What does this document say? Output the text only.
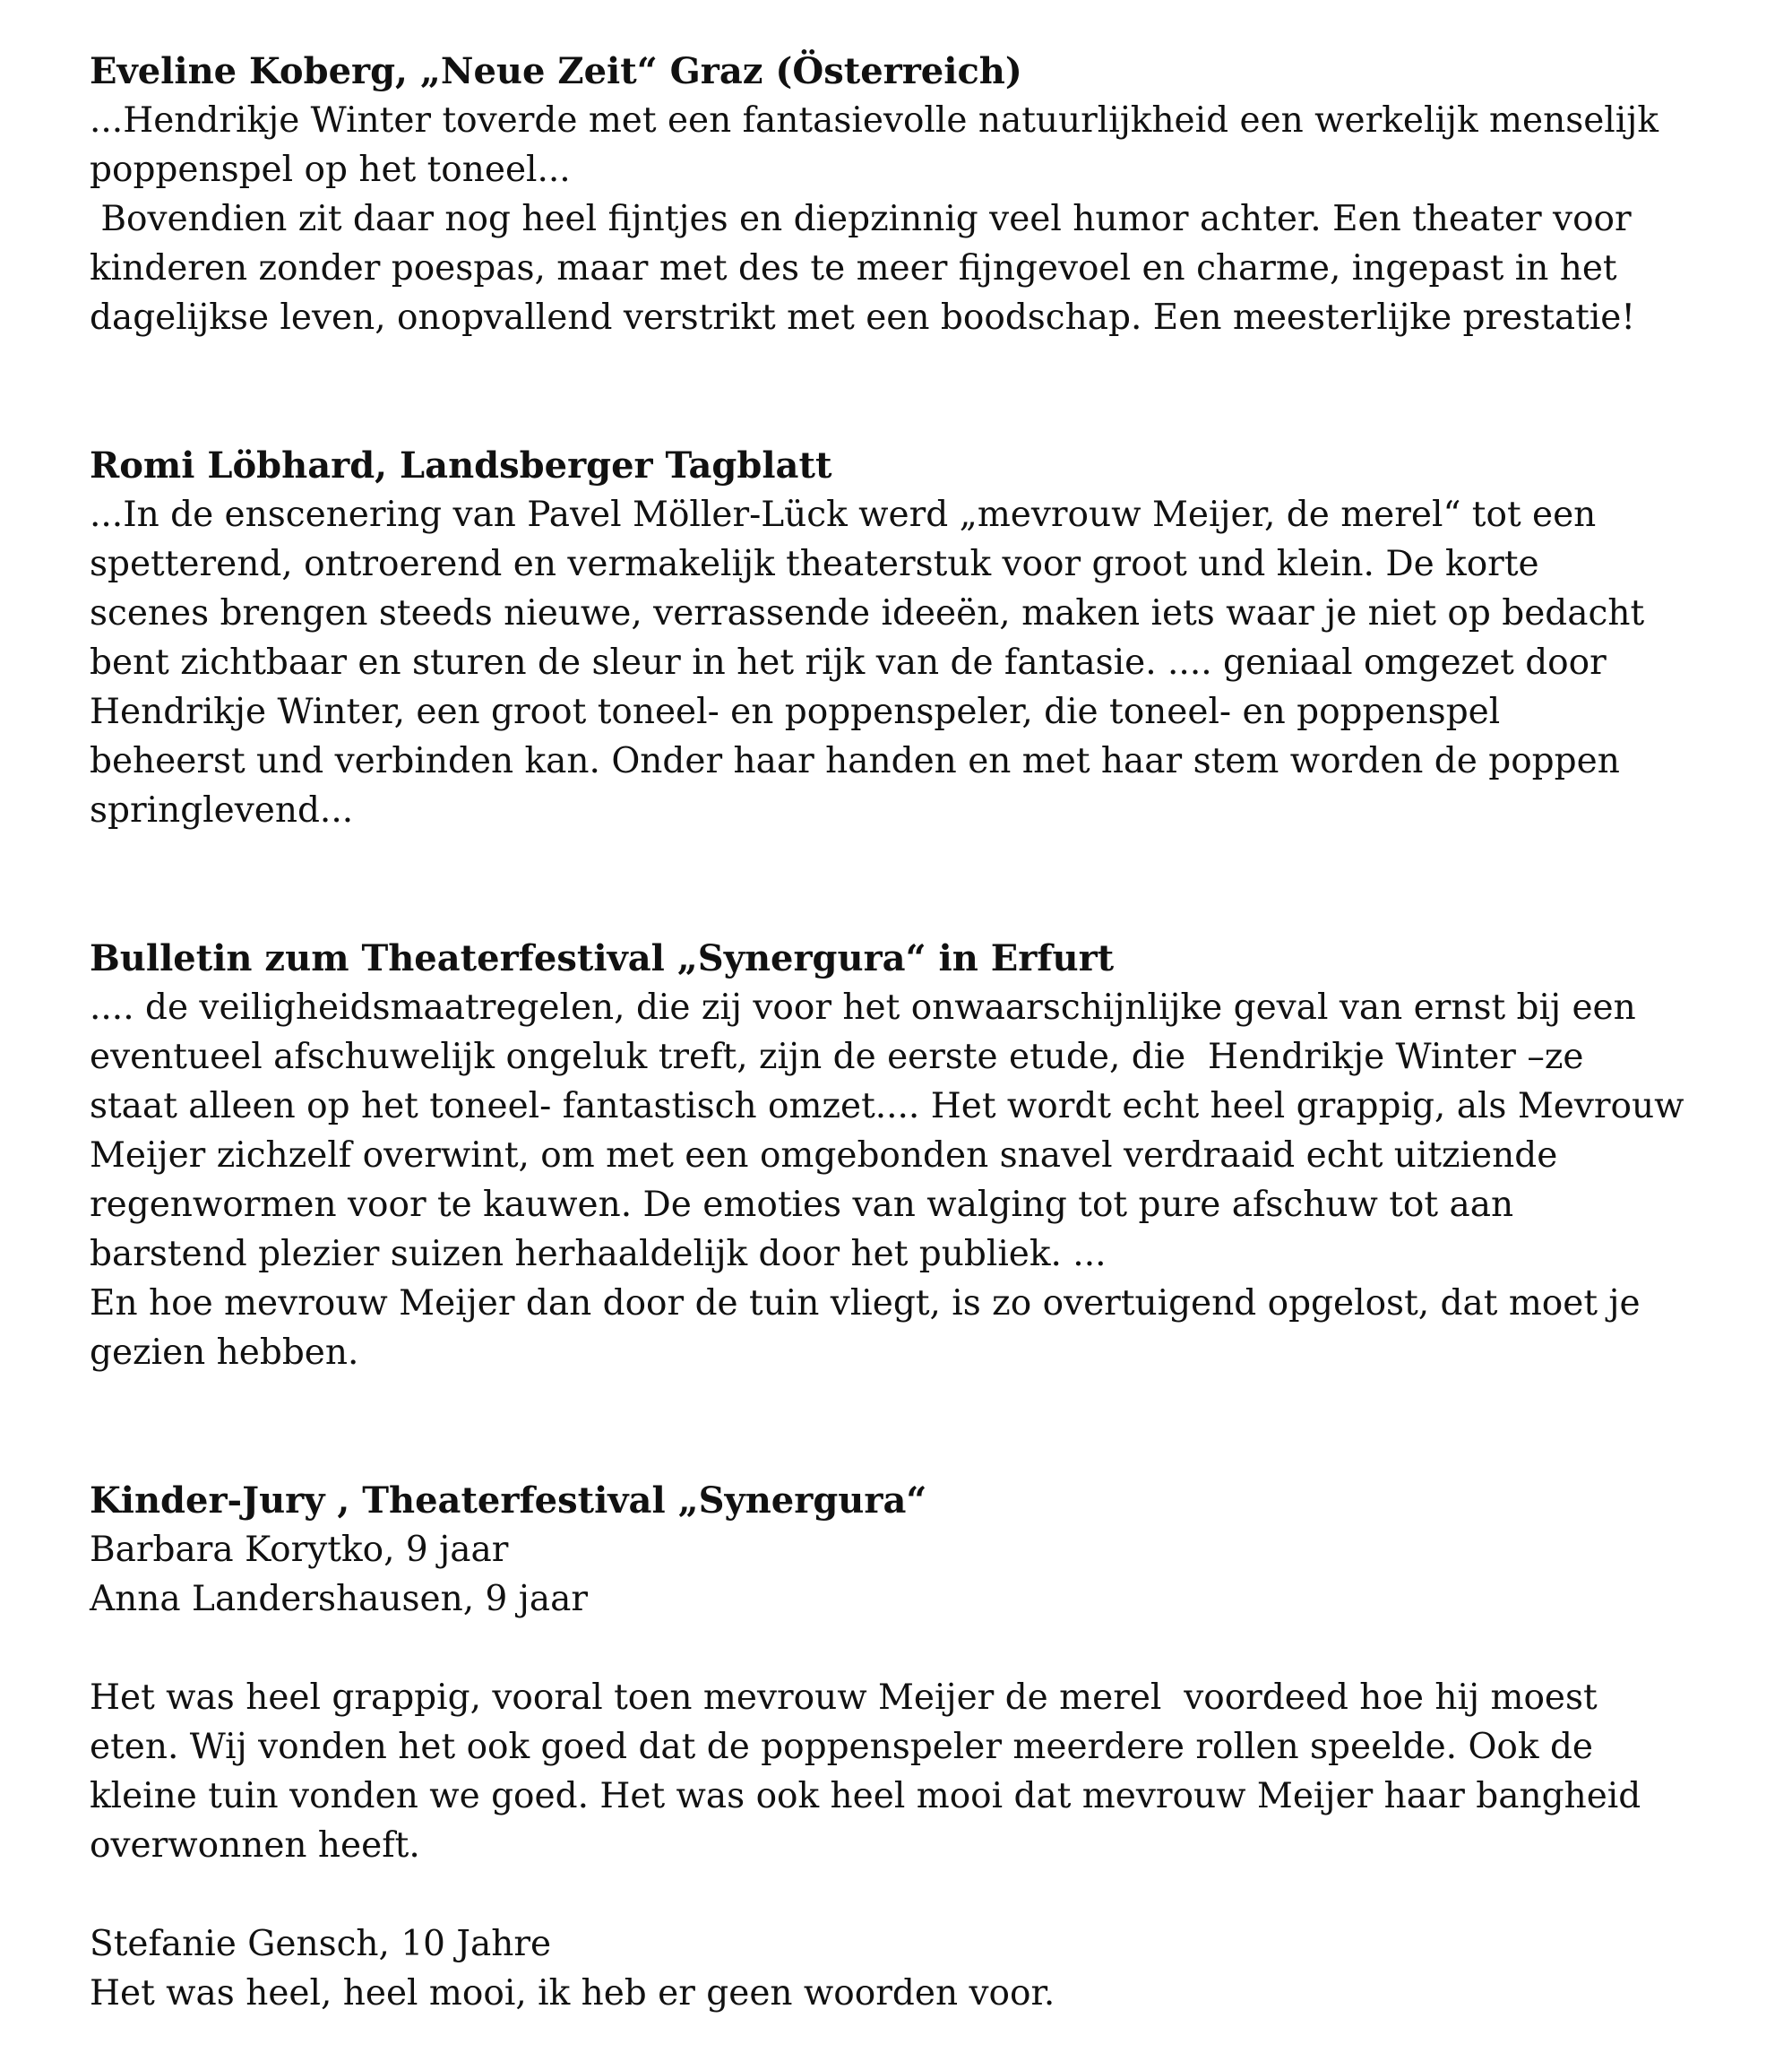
Eveline Koberg, „Neue Zeit“ Graz (Österreich)
...Hendrikje Winter toverde met een fantasievolle natuurlijkheid een werkelijk menselijk
poppenspel op het toneel...
Bovendien zit daar nog heel fijntjes en diepzinnig veel humor achter. Een theater voor
kinderen zonder poespas, maar met des te meer fijngevoel en charme, ingepast in het
dagelijkse leven, onopvallend verstrikt met een boodschap. Een meesterlijke prestatie!
Romi Löbhard, Landsberger Tagblatt
...In de enscenering van Pavel Möller-Lück werd „mevrouw Meijer, de merel“ tot een
spetterend, ontroerend en vermakelijk theaterstuk voor groot und klein. De korte
scenes brengen steeds nieuwe, verrassende ideeën, maken iets waar je niet op bedacht
bent zichtbaar en sturen de sleur in het rijk van de fantasie. .... geniaal omgezet door
Hendrikje Winter, een groot toneel- en poppenspeler, die toneel- en poppenspel
beheerst und verbinden kan. Onder haar handen en met haar stem worden de poppen
springlevend...
Bulletin zum Theaterfestival „Synergura“ in Erfurt
.... de veiligheidsmaatregelen, die zij voor het onwaarschijnlijke geval van ernst bij een
eventueel afschuwelijk ongeluk treft, zijn de eerste etude, die  Hendrikje Winter –ze
staat alleen op het toneel- fantastisch omzet.... Het wordt echt heel grappig, als Mevrouw
Meijer zichzelf overwint, om met een omgebonden snavel verdraaid echt uitziende
regenwormen voor te kauwen. De emoties van walging tot pure afschuw tot aan
barstend plezier suizen herhaaldelijk door het publiek. ...
En hoe mevrouw Meijer dan door de tuin vliegt, is zo overtuigend opgelost, dat moet je
gezien hebben.
Kinder-Jury , Theaterfestival „Synergura“
Barbara Korytko, 9 jaar
Anna Landershausen, 9 jaar
Het was heel grappig, vooral toen mevrouw Meijer de merel  voordeed hoe hij moest
eten. Wij vonden het ook goed dat de poppenspeler meerdere rollen speelde. Ook de
kleine tuin vonden we goed. Het was ook heel mooi dat mevrouw Meijer haar bangheid
overwonnen heeft.
Stefanie Gensch, 10 Jahre
Het was heel, heel mooi, ik heb er geen woorden voor.
